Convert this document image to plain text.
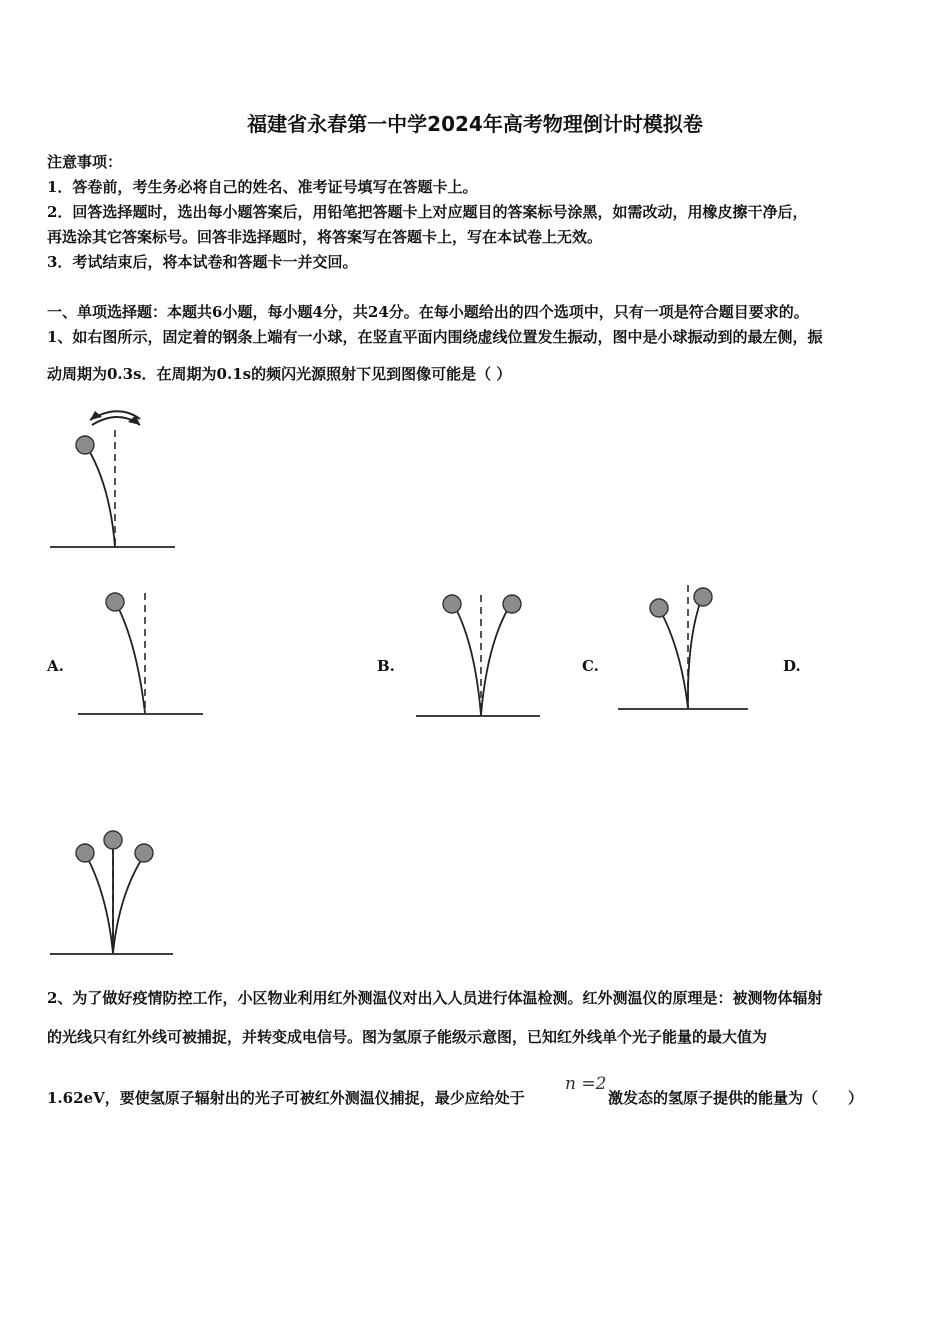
福建省永春第一中学2024年高考物理倒计时模拟卷
注意事项：
1．答卷前，考生务必将自己的姓名、准考证号填写在答题卡上。
2．回答选择题时，选出每小题答案后，用铅笔把答题卡上对应题目的答案标号涂黑，如需改动，用橡皮擦干净后，
再选涂其它答案标号。回答非选择题时，将答案写在答题卡上，写在本试卷上无效。
3．考试结束后，将本试卷和答题卡一并交回。
一、单项选择题：本题共6小题，每小题4分，共24分。在每小题给出的四个选项中，只有一项是符合题目要求的。
1、如右图所示，固定着的钢条上端有一小球，在竖直平面内围绕虚线位置发生振动，图中是小球振动到的最左侧，振
动周期为0.3s．在周期为0.1s的频闪光源照射下见到图像可能是（ ）
A.	B.	C.	D.
2、为了做好疫情防控工作，小区物业利用红外测温仪对出入人员进行体温检测。红外测温仪的原理是：被测物体辐射
的光线只有红外线可被捕捉，并转变成电信号。图为氢原子能级示意图，已知红外线单个光子能量的最大值为
1.62eV，要使氢原子辐射出的光子可被红外测温仪捕捉，最少应给处于
n =2
激发态的氢原子提供的能量为（　　）
